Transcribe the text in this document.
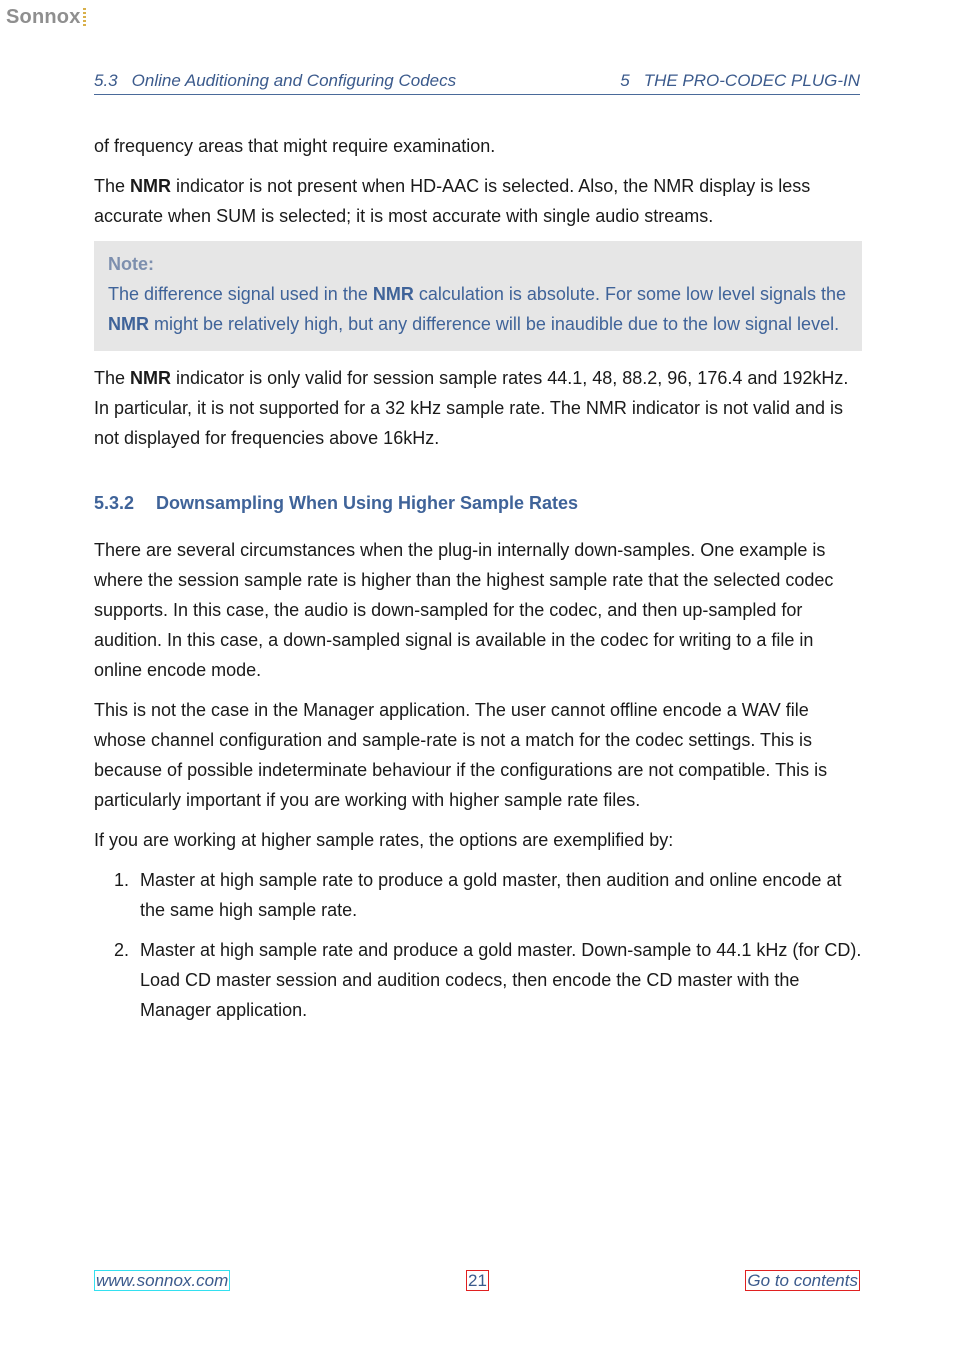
Sonnox
5.3 Online Auditioning and Configuring Codecs	5 THE PRO-CODEC PLUG-IN

of frequency areas that might require examination.

The NMR indicator is not present when HD-AAC is selected. Also, the NMR display is less accurate when SUM is selected; it is most accurate with single audio streams.

Note:
The difference signal used in the NMR calculation is absolute. For some low level signals the NMR might be relatively high, but any difference will be inaudible due to the low signal level.

The NMR indicator is only valid for session sample rates 44.1, 48, 88.2, 96, 176.4 and 192kHz. In particular, it is not supported for a 32 kHz sample rate. The NMR indicator is not valid and is not displayed for frequencies above 16kHz.

5.3.2 Downsampling When Using Higher Sample Rates

There are several circumstances when the plug-in internally down-samples. One example is where the session sample rate is higher than the highest sample rate that the selected codec supports. In this case, the audio is down-sampled for the codec, and then up-sampled for audition. In this case, a down-sampled signal is available in the codec for writing to a file in online encode mode.

This is not the case in the Manager application. The user cannot offline encode a WAV file whose channel configuration and sample-rate is not a match for the codec settings. This is because of possible indeterminate behaviour if the configurations are not compatible. This is particularly important if you are working with higher sample rate files.

If you are working at higher sample rates, the options are exemplified by:

1. Master at high sample rate to produce a gold master, then audition and online encode at the same high sample rate.
2. Master at high sample rate and produce a gold master. Down-sample to 44.1 kHz (for CD). Load CD master session and audition codecs, then encode the CD master with the Manager application.
www.sonnox.com	21	Go to contents
